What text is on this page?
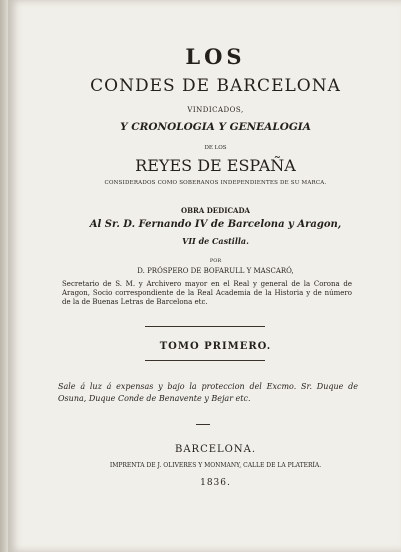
LOS
CONDES DE BARCELONA
VINDICADOS,
Y CRONOLOGIA Y GENEALOGIA
DE LOS
REYES DE ESPAÑA
CONSIDERADOS COMO SOBERANOS INDEPENDIENTES DE SU MARCA.
OBRA DEDICADA
Al Sr. D. Fernando IV de Barcelona y Aragon,
VII de Castilla.
POR
D. PRÓSPERO DE BOFARULL Y MASCARÓ,
Secretario de S. M. y Archivero mayor en el Real y general de la Corona de Aragon, Socio correspondiente de la Real Academia de la Historia y de número de la de Buenas Letras de Barcelona etc.
TOMO PRIMERO.
Sale á luz á expensas y bajo la proteccion del Excmo. Sr. Duque de Osuna, Duque Conde de Benavente y Bejar etc.
BARCELONA.
IMPRENTA DE J. OLIVERES Y MONMANY, CALLE DE LA PLATERÍA.
1836.
